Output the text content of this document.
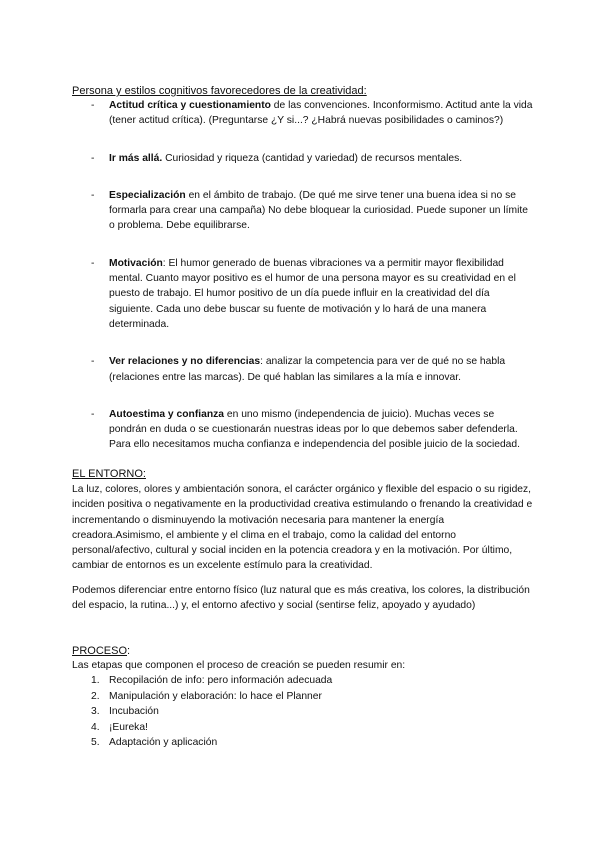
Persona y estilos cognitivos favorecedores de la creatividad:
- Actitud crítica y cuestionamiento de las convenciones. Inconformismo. Actitud ante la vida (tener actitud crítica). (Preguntarse ¿Y si...? ¿Habrá nuevas posibilidades o caminos?)
- Ir más allá. Curiosidad y riqueza (cantidad y variedad) de recursos mentales.
- Especialización en el ámbito de trabajo. (De qué me sirve tener una buena idea si no se formarla para crear una campaña) No debe bloquear la curiosidad. Puede suponer un límite o problema. Debe equilibrarse.
- Motivación: El humor generado de buenas vibraciones va a permitir mayor flexibilidad mental. Cuanto mayor positivo es el humor de una persona mayor es su creatividad en el puesto de trabajo. El humor positivo de un día puede influir en la creatividad del día siguiente. Cada uno debe buscar su fuente de motivación y lo hará de una manera determinada.
- Ver relaciones y no diferencias: analizar la competencia para ver de qué no se habla (relaciones entre las marcas). De qué hablan las similares a la mía e innovar.
- Autoestima y confianza en uno mismo (independencia de juicio). Muchas veces se pondrán en duda o se cuestionarán nuestras ideas por lo que debemos saber defenderla. Para ello necesitamos mucha confianza e independencia del posible juicio de la sociedad.
EL ENTORNO:

La luz, colores, olores y ambientación sonora, el carácter orgánico y flexible del espacio o su rigidez, inciden positiva o negativamente en la productividad creativa estimulando o frenando la creatividad e incrementando o disminuyendo la motivación necesaria para mantener la energía creadora.Asimismo, el ambiente y el clima en el trabajo, como la calidad del entorno personal/afectivo, cultural y social inciden en la potencia creadora y en la motivación. Por último, cambiar de entornos es un excelente estímulo para la creatividad.

Podemos diferenciar entre entorno físico (luz natural que es más creativa, los colores, la distribución del espacio, la rutina...) y, el entorno afectivo y social (sentirse feliz, apoyado y ayudado)

PROCESO:

Las etapas que componen el proceso de creación se pueden resumir en:

1. Recopilación de info: pero información adecuada
2. Manipulación y elaboración: lo hace el Planner
3. Incubación
4. ¡Eureka!
5. Adaptación y aplicación
